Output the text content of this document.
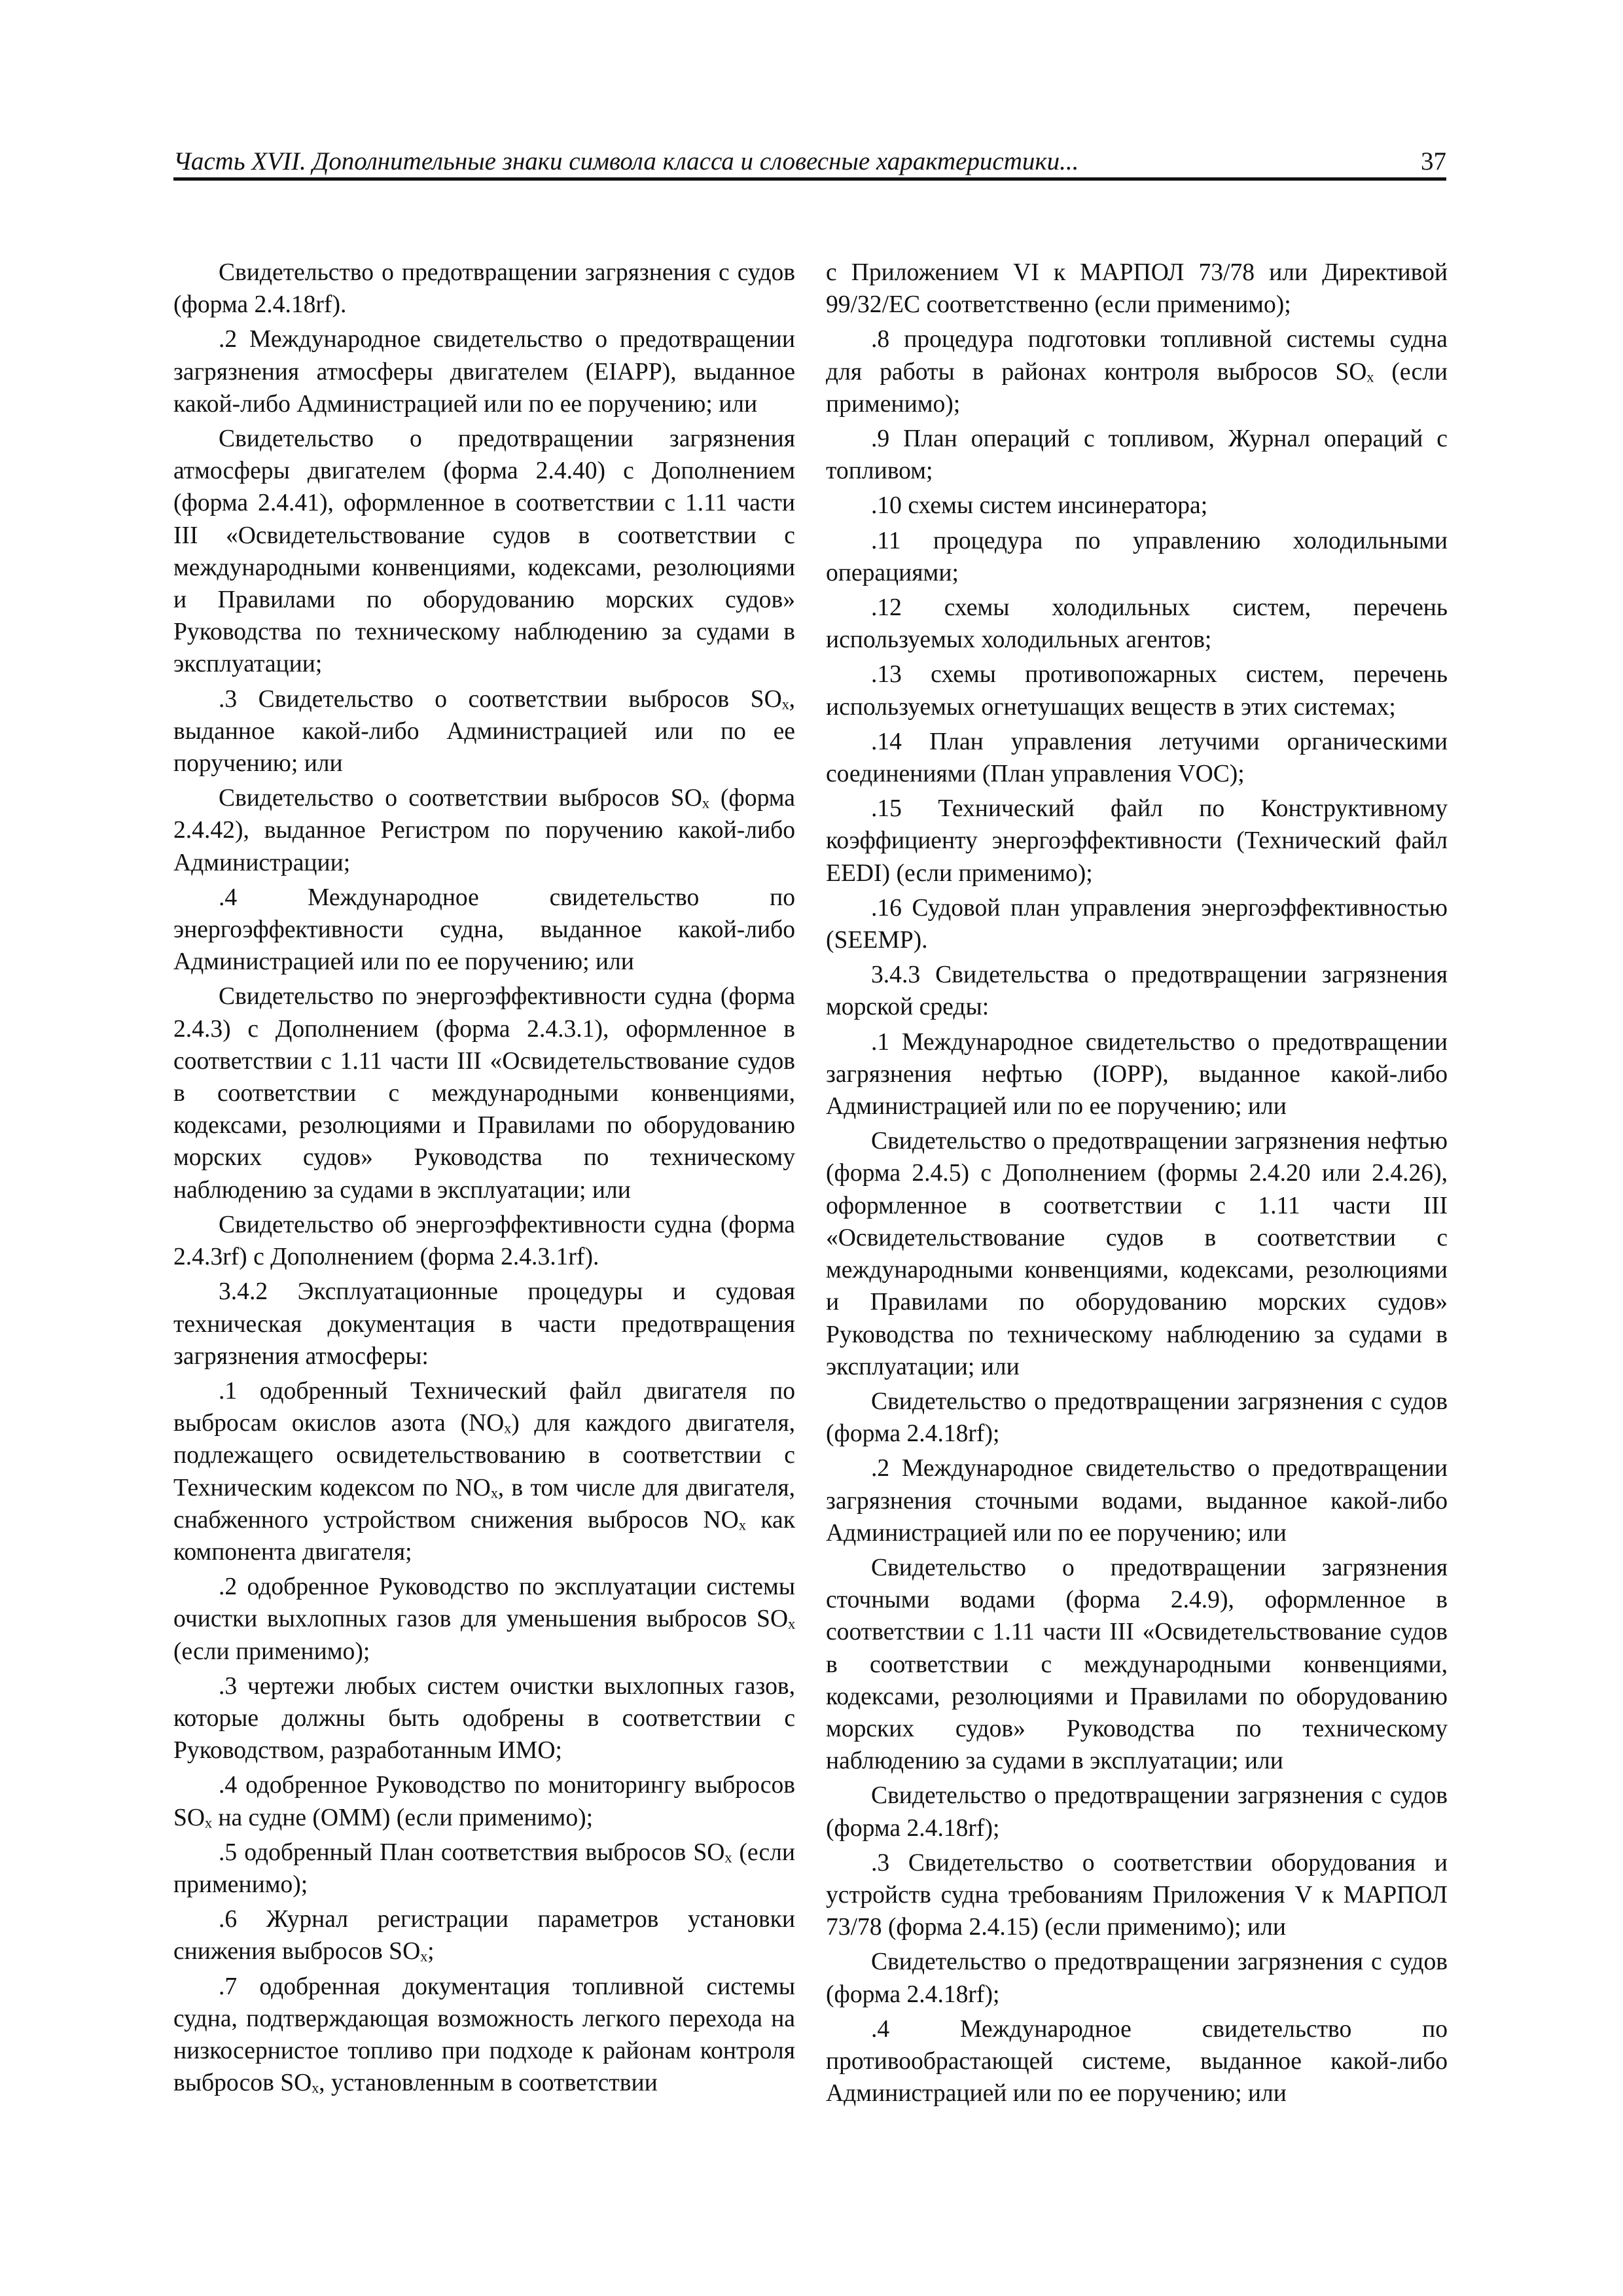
Часть XVII. Дополнительные знаки символа класса и словесные характеристики...	37

Свидетельство о предотвращении загрязнения с судов (форма 2.4.18rf).

.2 Международное свидетельство о предотвращении загрязнения атмосферы двигателем (EIAPP), выданное какой-либо Администрацией или по ее поручению; или

Свидетельство о предотвращении загрязнения атмосферы двигателем (форма 2.4.40) с Дополнением (форма 2.4.41), оформленное в соответствии с 1.11 части III «Освидетельствование судов в соответствии с международными конвенциями, кодексами, резолюциями и Правилами по оборудованию морских судов» Руководства по техническому наблюдению за судами в эксплуатации;

.3 Свидетельство о соответствии выбросов SOₓ, выданное какой-либо Администрацией или по ее поручению; или

Свидетельство о соответствии выбросов SOₓ (форма 2.4.42), выданное Регистром по поручению какой-либо Администрации;

.4 Международное свидетельство по энергоэффективности судна, выданное какой-либо Администрацией или по ее поручению; или

Свидетельство по энергоэффективности судна (форма 2.4.3) с Дополнением (форма 2.4.3.1), оформленное в соответствии с 1.11 части III «Освидетельствование судов в соответствии с международными конвенциями, кодексами, резолюциями и Правилами по оборудованию морских судов» Руководства по техническому наблюдению за судами в эксплуатации; или

Свидетельство об энергоэффективности судна (форма 2.4.3rf) с Дополнением (форма 2.4.3.1rf).

3.4.2 Эксплуатационные процедуры и судовая техническая документация в части предотвращения загрязнения атмосферы:

.1 одобренный Технический файл двигателя по выбросам окислов азота (NOₓ) для каждого двигателя, подлежащего освидетельствованию в соответствии с Техническим кодексом по NOₓ, в том числе для двигателя, снабженного устройством снижения выбросов NOₓ как компонента двигателя;

.2 одобренное Руководство по эксплуатации системы очистки выхлопных газов для уменьшения выбросов SOₓ (если применимо);

.3 чертежи любых систем очистки выхлопных газов, которые должны быть одобрены в соответствии с Руководством, разработанным ИМО;

.4 одобренное Руководство по мониторингу выбросов SOₓ на судне (ОММ) (если применимо);

.5 одобренный План соответствия выбросов SOₓ (если применимо);

.6 Журнал регистрации параметров установки снижения выбросов SOₓ;

.7 одобренная документация топливной системы судна, подтверждающая возможность легкого перехода на низкосернистое топливо при подходе к районам контроля выбросов SOₓ, установленным в соответствии

с Приложением VI к МАРПОЛ 73/78 или Директивой 99/32/ЕС соответственно (если применимо);

.8 процедура подготовки топливной системы судна для работы в районах контроля выбросов SOₓ (если применимо);

.9 План операций с топливом, Журнал операций с топливом;

.10 схемы систем инсинератора;

.11 процедура по управлению холодильными операциями;

.12 схемы холодильных систем, перечень используемых холодильных агентов;

.13 схемы противопожарных систем, перечень используемых огнетушащих веществ в этих системах;

.14 План управления летучими органическими соединениями (План управления VOC);

.15 Технический файл по Конструктивному коэффициенту энергоэффективности (Технический файл EEDI) (если применимо);

.16 Судовой план управления энергоэффективностью (SEEMP).

3.4.3 Свидетельства о предотвращении загрязнения морской среды:

.1 Международное свидетельство о предотвращении загрязнения нефтью (IOPP), выданное какой-либо Администрацией или по ее поручению; или

Свидетельство о предотвращении загрязнения нефтью (форма 2.4.5) с Дополнением (формы 2.4.20 или 2.4.26), оформленное в соответствии с 1.11 части III «Освидетельствование судов в соответствии с международными конвенциями, кодексами, резолюциями и Правилами по оборудованию морских судов» Руководства по техническому наблюдению за судами в эксплуатации; или

Свидетельство о предотвращении загрязнения с судов (форма 2.4.18rf);

.2 Международное свидетельство о предотвращении загрязнения сточными водами, выданное какой-либо Администрацией или по ее поручению; или

Свидетельство о предотвращении загрязнения сточными водами (форма 2.4.9), оформленное в соответствии с 1.11 части III «Освидетельствование судов в соответствии с международными конвенциями, кодексами, резолюциями и Правилами по оборудованию морских судов» Руководства по техническому наблюдению за судами в эксплуатации; или

Свидетельство о предотвращении загрязнения с судов (форма 2.4.18rf);

.3 Свидетельство о соответствии оборудования и устройств судна требованиям Приложения V к МАРПОЛ 73/78 (форма 2.4.15) (если применимо); или

Свидетельство о предотвращении загрязнения с судов (форма 2.4.18rf);

.4 Международное свидетельство по противообрастающей системе, выданное какой-либо Администрацией или по ее поручению; или
